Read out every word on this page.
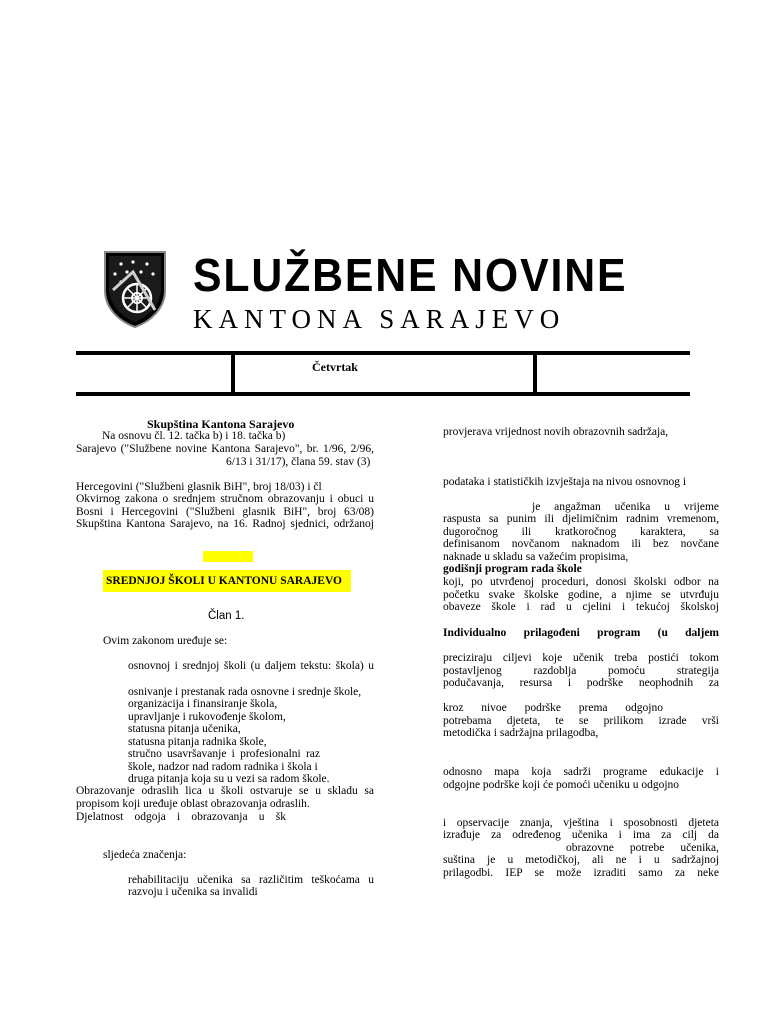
SLUŽBENE NOVINE
KANTONA SARAJEVO
Četvrtak
Skupština Kantona Sarajevo
Na osnovu čl. 12. tačka b) i 18. tačka b)
Sarajevo ("Službene novine Kantona Sarajevo", br. 1/96, 2/96,
6/13 i 31/17), člana 59. stav (3)
Hercegovini ("Službeni glasnik BiH", broj 18/03) i čl
Okvirnog zakona o srednjem stručnom obrazovanju i obuci u
Bosni i Hercegovini ("Službeni glasnik BiH", broj 63/08)
Skupština Kantona Sarajevo, na 16. Radnoj sjednici, održanoj
SREDNJOJ ŠKOLI U KANTONU SARAJEVO
Član 1.
Ovim zakonom uređuje se:
osnovnoj i srednjoj školi (u daljem tekstu: škola) u
osnivanje i prestanak rada osnovne i srednje škole,
organizacija i finansiranje škola,
upravljanje i rukovođenje školom,
statusna pitanja učenika,
statusna pitanja radnika škole,
stručno usavršavanje i profesionalni raz
škole, nadzor nad radom radnika i škola i
druga pitanja koja su u vezi sa radom škole.
Obrazovanje odraslih lica u školi ostvaruje se u skladu sa
propisom koji uređuje oblast obrazovanja odraslih.
Djelatnost odgoja i obrazovanja u šk
sljedeća značenja:
rehabilitaciju učenika sa različitim teškoćama u
razvoju i učenika sa invalidi
provjerava vrijednost novih obrazovnih sadržaja,
podataka i statističkih izvještaja na nivou osnovnog i
je angažman učenika u vrijeme
raspusta sa punim ili djelimičnim radnim vremenom,
dugoročnog ili kratkoročnog karaktera, sa
definisanom novčanom naknadom ili bez novčane
naknade u skladu sa važećim propisima,
godišnji program rada škole
koji, po utvrđenoj proceduri, donosi školski odbor na
početku svake školske godine, a njime se utvrđuju
obaveze škole i rad u cjelini i tekućoj školskoj
Individualno prilagođeni program (u daljem
preciziraju ciljevi koje učenik treba postići tokom
postavljenog razdoblja pomoću strategija
podučavanja, resursa i podrške neophodnih za
kroz nivoe podrške prema odgojno
potrebama djeteta, te se prilikom izrade vrši
metodička i sadržajna prilagodba,
odnosno mapa koja sadrži programe edukacije i
odgojne podrške koji će pomoći učeniku u odgojno
i opservacije znanja, vještina i sposobnosti djeteta
izrađuje za određenog učenika i ima za cilj da
obrazovne potrebe učenika,
suština je u metodičkoj, ali ne i u sadržajnoj
prilagodbi. IEP se može izraditi samo za neke
